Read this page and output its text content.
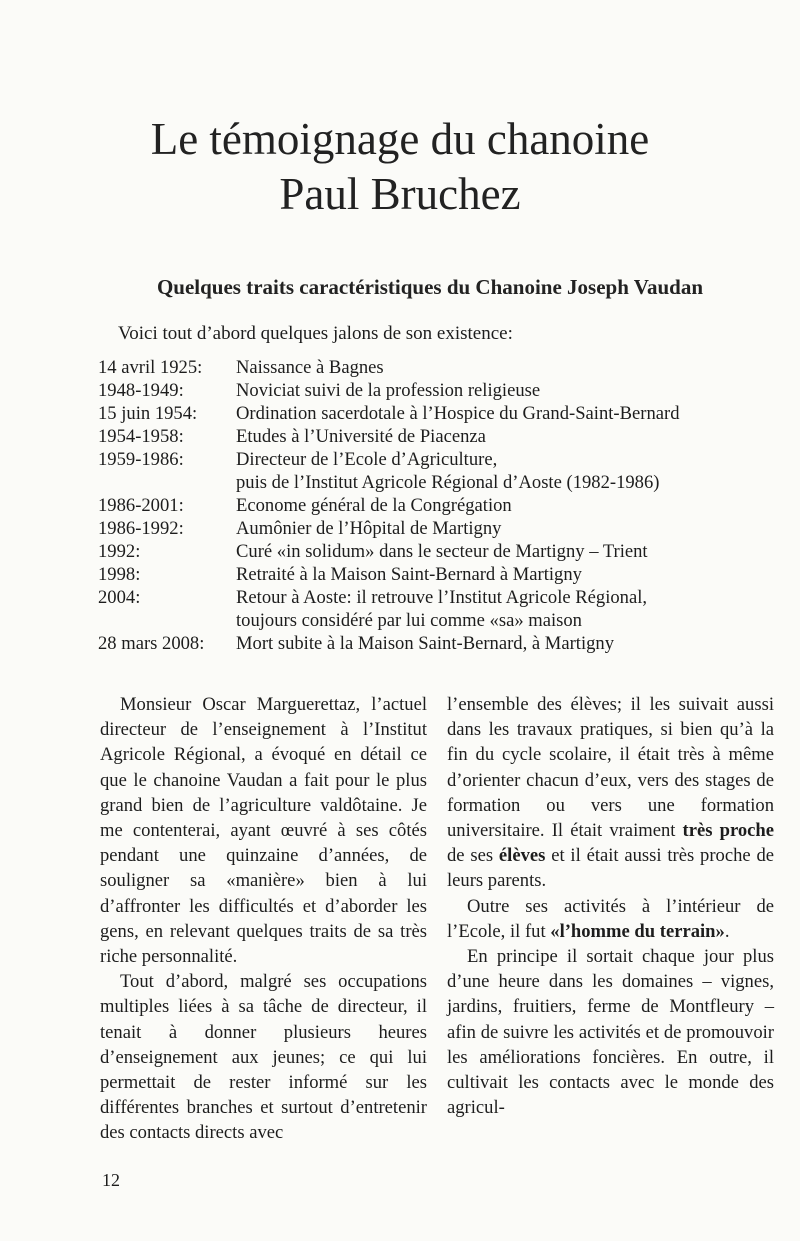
Le témoignage du chanoine
Paul Bruchez
Quelques traits caractéristiques du Chanoine Joseph Vaudan

Voici tout d’abord quelques jalons de son existence:

14 avril 1925:	Naissance à Bagnes
1948-1949:	Noviciat suivi de la profession religieuse
15 juin 1954:	Ordination sacerdotale à l’Hospice du Grand-Saint-Bernard
1954-1958:	Etudes à l’Université de Piacenza
1959-1986:	Directeur de l’Ecole d’Agriculture,
puis de l’Institut Agricole Régional d’Aoste (1982-1986)
1986-2001:	Econome général de la Congrégation
1986-1992:	Aumônier de l’Hôpital de Martigny
1992:	Curé «in solidum» dans le secteur de Martigny – Trient
1998:	Retraité à la Maison Saint-Bernard à Martigny
2004:	Retour à Aoste: il retrouve l’Institut Agricole Régional,
toujours considéré par lui comme «sa» maison
28 mars 2008:	Mort subite à la Maison Saint-Bernard, à Martigny

Monsieur Oscar Marguerettaz, l’actuel directeur de l’enseignement à l’Institut Agricole Régional, a évoqué en détail ce que le chanoine Vaudan a fait pour le plus grand bien de l’agriculture valdôtaine. Je me contenterai, ayant œuvré à ses côtés pendant une quinzaine d’années, de souligner sa «manière» bien à lui d’affronter les difficultés et d’aborder les gens, en relevant quelques traits de sa très riche personnalité.

Tout d’abord, malgré ses occupations multiples liées à sa tâche de directeur, il tenait à donner plusieurs heures d’enseignement aux jeunes; ce qui lui permettait de rester informé sur les différentes branches et surtout d’entretenir des contacts directs avec

l’ensemble des élèves; il les suivait aussi dans les travaux pratiques, si bien qu’à la fin du cycle scolaire, il était très à même d’orienter chacun d’eux, vers des stages de formation ou vers une formation universitaire. Il était vraiment très proche de ses élèves et il était aussi très proche de leurs parents.

Outre ses activités à l’intérieur de l’Ecole, il fut «l’homme du terrain».

En principe il sortait chaque jour plus d’une heure dans les domaines – vignes, jardins, fruitiers, ferme de Montfleury – afin de suivre les activités et de promouvoir les améliorations foncières. En outre, il cultivait les contacts avec le monde des agricul-

12
